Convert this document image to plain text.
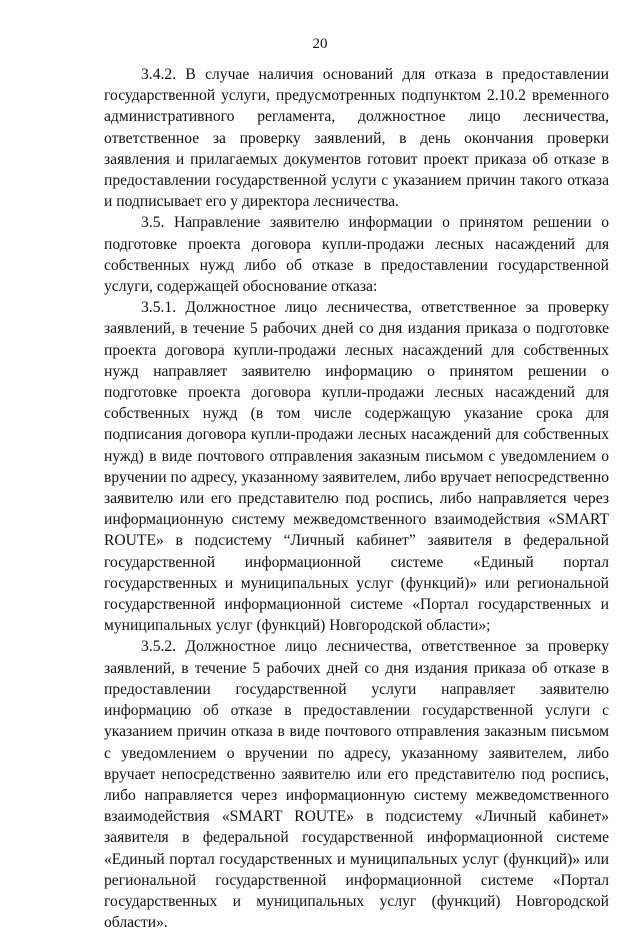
20

3.4.2. В случае наличия оснований для отказа в предоставлении государственной услуги, предусмотренных подпунктом 2.10.2 временного административного регламента, должностное лицо лесничества, ответственное за проверку заявлений, в день окончания проверки заявления и прилагаемых документов готовит проект приказа об отказе в предоставлении государственной услуги с указанием причин такого отказа и подписывает его у директора лесничества.

3.5. Направление заявителю информации о принятом решении о подготовке проекта договора купли-продажи лесных насаждений для собственных нужд либо об отказе в предоставлении государственной услуги, содержащей обоснование отказа:

3.5.1. Должностное лицо лесничества, ответственное за проверку заявлений, в течение 5 рабочих дней со дня издания приказа о подготовке проекта договора купли-продажи лесных насаждений для собственных нужд направляет заявителю информацию о принятом решении о подготовке проекта договора купли-продажи лесных насаждений для собственных нужд (в том числе содержащую указание срока для подписания договора купли-продажи лесных насаждений для собственных нужд) в виде почтового отправления заказным письмом с уведомлением о вручении по адресу, указанному заявителем, либо вручает непосредственно заявителю или его представителю под роспись, либо направляется через информационную систему межведомственного взаимодействия «SMART ROUTE» в подсистему “Личный кабинет” заявителя в федеральной государственной информационной системе «Единый портал государственных и муниципальных услуг (функций)» или региональной государственной информационной системе «Портал государственных и муниципальных услуг (функций) Новгородской области»;

3.5.2. Должностное лицо лесничества, ответственное за проверку заявлений, в течение 5 рабочих дней со дня издания приказа об отказе в предоставлении государственной услуги направляет заявителю информацию об отказе в предоставлении государственной услуги с указанием причин отказа в виде почтового отправления заказным письмом с уведомлением о вручении по адресу, указанному заявителем, либо вручает непосредственно заявителю или его представителю под роспись, либо направляется через информационную систему межведомственного взаимодействия «SMART ROUTE» в подсистему «Личный кабинет» заявителя в федеральной государственной информационной системе «Единый портал государственных и муниципальных услуг (функций)» или региональной государственной информационной системе «Портал государственных и муниципальных услуг (функций) Новгородской области».
